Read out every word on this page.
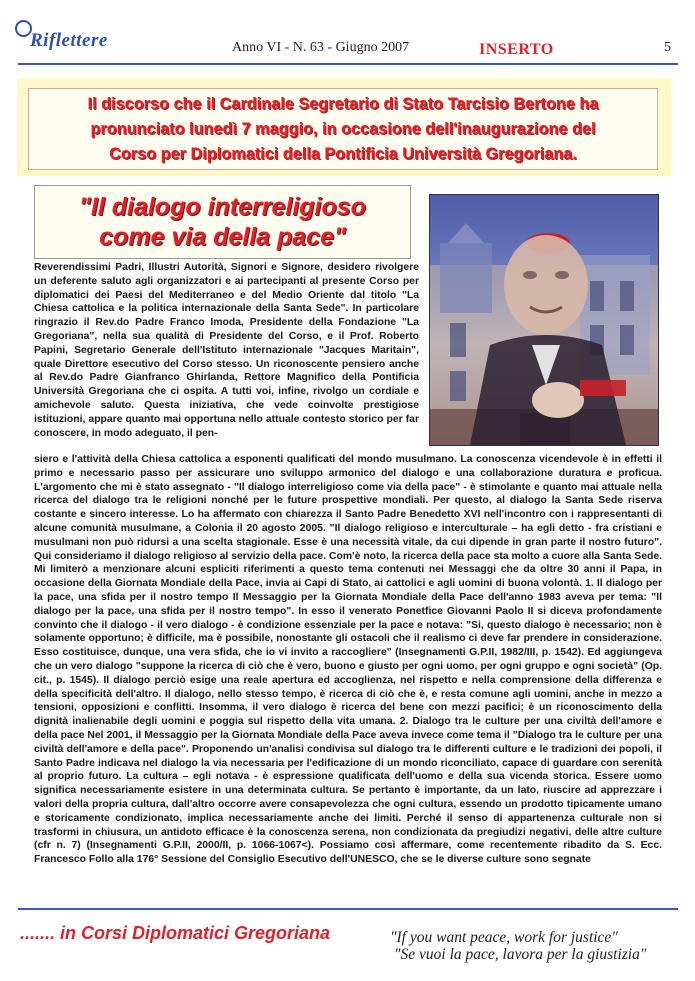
Riflettere	Anno VI - N. 63 - Giugno 2007	INSERTO	5

Il discorso che il Cardinale Segretario di Stato Tarcisio Bertone ha
pronunciato lunedì 7 maggio, in occasione dell'inaugurazione del
Corso per Diplomatici della Pontificia Università Gregoriana.

"Il dialogo interreligioso
come via della pace"

Reverendissimi Padri, Illustri Autorità, Signori e Signore, desidero rivolgere un deferente saluto agli organizzatori e ai partecipanti al presente Corso per diplomatici dei Paesi del Mediterraneo e del Medio Oriente dal titolo "La Chiesa cattolica e la politica internazionale della Santa Sede". In particolare ringrazio il Rev.do Padre Franco Imoda, Presidente della Fondazione "La Gregoriana", nella sua qualità di Presidente del Corso, e il Prof. Roberto Papini, Segretario Generale dell'Istituto internazionale "Jacques Maritain", quale Direttore esecutivo del Corso stesso. Un riconoscente pensiero anche al Rev.do Padre Gianfranco Ghirlanda, Rettore Magnifico della Pontificia Università Gregoriana che ci ospita. A tutti voi, infine, rivolgo un cordiale e amichevole saluto. Questa iniziativa, che vede coinvolte prestigiose istituzioni, appare quanto mai opportuna nello attuale contesto storico per far conoscere, in modo adeguato, il pen-

siero e l'attività della Chiesa cattolica a esponenti qualificati del mondo musulmano. La conoscenza vicendevole è in effetti il primo e necessario passo per assicurare uno sviluppo armonico del dialogo e una collaborazione duratura e proficua. L'argomento che mi è stato assegnato - "Il dialogo interreligioso come via della pace" - è stimolante e quanto mai attuale nella ricerca del dialogo tra le religioni nonché per le future prospettive mondiali. Per questo, al dialogo la Santa Sede riserva costante e sincero interesse. Lo ha affermato con chiarezza il Santo Padre Benedetto XVI nell'incontro con i rappresentanti di alcune comunità musulmane, a Colonia il 20 agosto 2005. "Il dialogo religioso e interculturale – ha egli detto - fra cristiani e musulmani non può ridursi a una scelta stagionale. Esse è una necessità vitale, da cui dipende in gran parte il nostro futuro". Qui consideriamo il dialogo religioso al servizio della pace. Com'è noto, la ricerca della pace sta molto a cuore alla Santa Sede. Mi limiterò a menzionare alcuni espliciti riferimenti a questo tema contenuti nei Messaggi che da oltre 30 anni il Papa, in occasione della Giornata Mondiale della Pace, invia ai Capi di Stato, ai cattolici e agli uomini di buona volontà. 1. Il dialogo per la pace, una sfida per il nostro tempo Il Messaggio per la Giornata Mondiale della Pace dell'anno 1983 aveva per tema: "Il dialogo per la pace, una sfida per il nostro tempo". In esso il venerato Ponetfice Giovanni Paolo II si diceva profondamente convinto che il dialogo - il vero dialogo - è condizione essenziale per la pace e notava: "Si, questo dialogo è necessario; non è solamente opportuno; è difficile, ma è possibile, nonostante gli ostacoli che il realismo ci deve far prendere in considerazione. Esso costituisce, dunque, una vera sfida, che io vi invito a raccogliere" (Insegnamenti G.P.II, 1982/III, p. 1542). Ed aggiungeva che un vero dialogo "suppone la ricerca di ciò che è vero, buono e giusto per ogni uomo, per ogni gruppo e ogni società" (Op. cit., p. 1545). Il dialogo perciò esige una reale apertura ed accoglienza, nel rispetto e nella comprensione della differenza e della specificità dell'altro. Il dialogo, nello stesso tempo, è ricerca di ciò che è, e resta comune agli uomini, anche in mezzo a tensioni, opposizioni e conflitti. Insomma, il vero dialogo è ricerca del bene con mezzi pacifici; è un riconoscimento della dignità inalienabile degli uomini e poggia sul rispetto della vita umana. 2. Dialogo tra le culture per una civiltà dell'amore e della pace Nel 2001, il Messaggio per la Giornata Mondiale della Pace aveva invece come tema il "Dialogo tra le culture per una civiltà dell'amore e della pace". Proponendo un'analisi condivisa sul dialogo tra le differenti culture e le tradizioni dei popoli, il Santo Padre indicava nel dialogo la via necessaria per l'edificazione di un mondo riconciliato, capace di guardare con serenità al proprio futuro. La cultura – egli notava - è espressione qualificata dell'uomo e della sua vicenda storica. Essere uomo significa necessariamente esistere in una determinata cultura. Se pertanto è importante, da un lato, riuscire ad apprezzare i valori della propria cultura, dall'altro occorre avere consapevolezza che ogni cultura, essendo un prodotto tipicamente umano e storicamente condizionato, implica necessariamente anche dei limiti. Perché il senso di appartenenza culturale non si trasformi in chiusura, un antidoto efficace è la conoscenza serena, non condizionata da pregiudizi negativi, delle altre culture (cfr n. 7) (Insegnamenti G.P.II, 2000/II, p. 1066-1067<). Possiamo così affermare, come recentemente ribadito da S. Ecc. Francesco Follo alla 176° Sessione del Consiglio Esecutivo dell'UNESCO, che se le diverse culture sono segnate

....... in Corsi Diplomatici Gregoriana	"If you want peace, work for justice"
"Se vuoi la pace, lavora per la giustizia"
